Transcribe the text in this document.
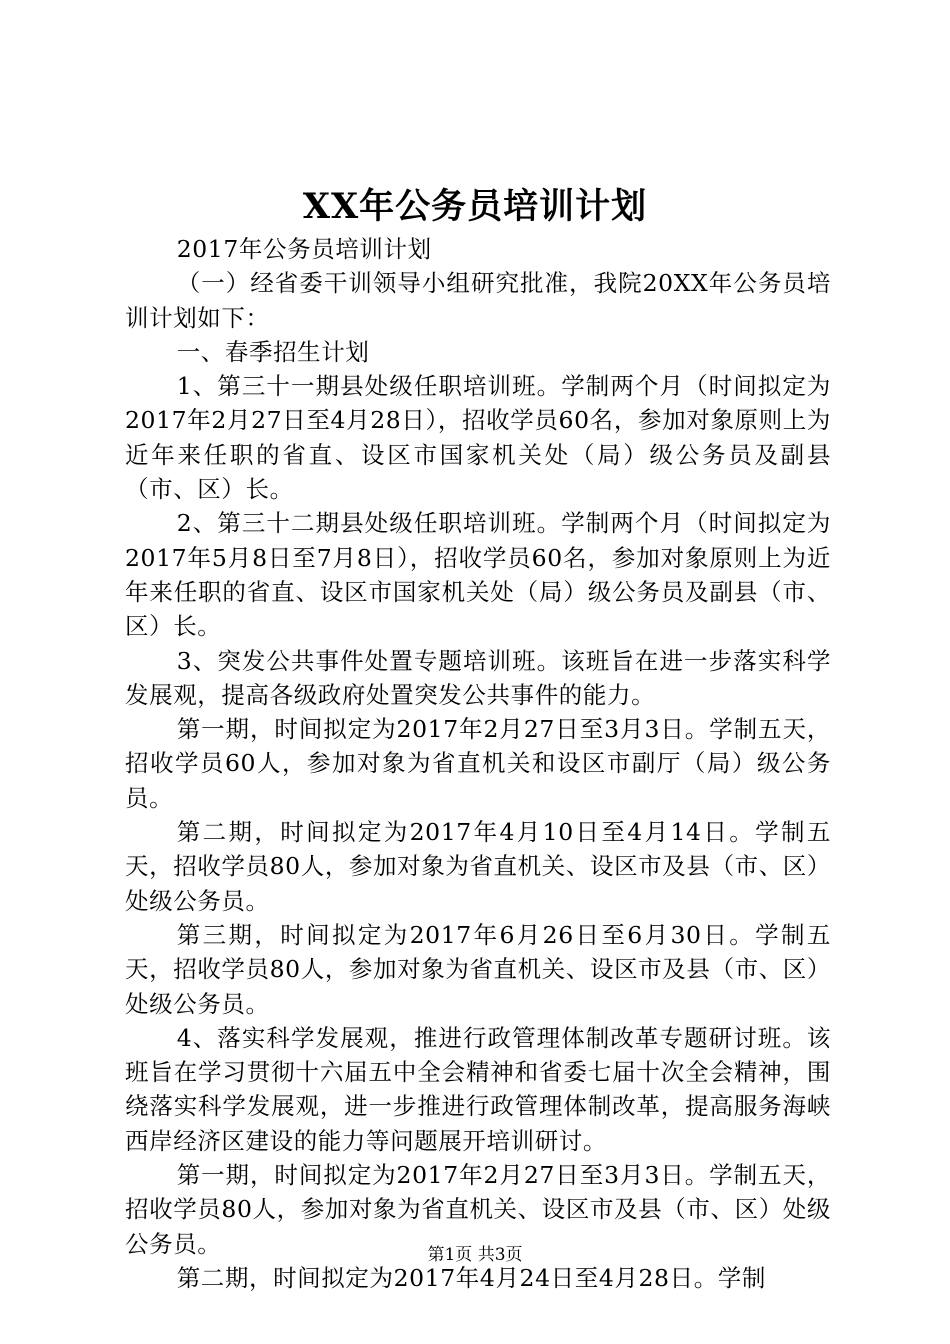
XX年公务员培训计划

2017年公务员培训计划

（一）经省委干训领导小组研究批准，我院20XX年公务员培训计划如下：

一、春季招生计划

1、第三十一期县处级任职培训班。学制两个月（时间拟定为2017年2月27日至4月28日），招收学员60名，参加对象原则上为近年来任职的省直、设区市国家机关处（局）级公务员及副县（市、区）长。

2、第三十二期县处级任职培训班。学制两个月（时间拟定为2017年5月8日至7月8日），招收学员60名，参加对象原则上为近年来任职的省直、设区市国家机关处（局）级公务员及副县（市、区）长。

3、突发公共事件处置专题培训班。该班旨在进一步落实科学发展观，提高各级政府处置突发公共事件的能力。

第一期，时间拟定为2017年2月27日至3月3日。学制五天，招收学员60人，参加对象为省直机关和设区市副厅（局）级公务员。

第二期，时间拟定为2017年4月10日至4月14日。学制五天，招收学员80人，参加对象为省直机关、设区市及县（市、区）处级公务员。

第三期，时间拟定为2017年6月26日至6月30日。学制五天，招收学员80人，参加对象为省直机关、设区市及县（市、区）处级公务员。

4、落实科学发展观，推进行政管理体制改革专题研讨班。该班旨在学习贯彻十六届五中全会精神和省委七届十次全会精神，围绕落实科学发展观，进一步推进行政管理体制改革，提高服务海峡西岸经济区建设的能力等问题展开培训研讨。

第一期，时间拟定为2017年2月27日至3月3日。学制五天，招收学员80人，参加对象为省直机关、设区市及县（市、区）处级公务员。

第二期，时间拟定为2017年4月24日至4月28日。学制

第1页 共3页
